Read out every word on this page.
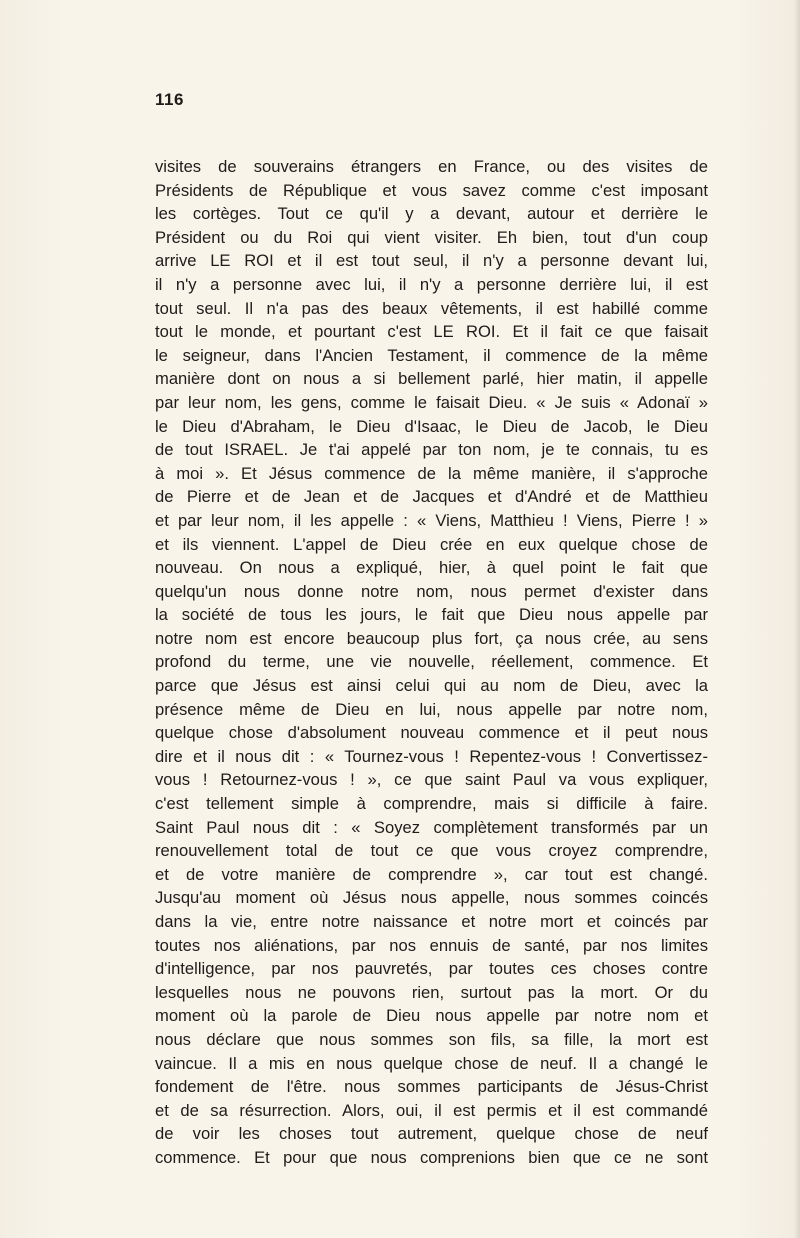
116

visites de souverains étrangers en France, ou des visites de
Présidents de République et vous savez comme c'est imposant
les cortèges. Tout ce qu'il y a devant, autour et derrière le
Président ou du Roi qui vient visiter. Eh bien, tout d'un coup
arrive LE ROI et il est tout seul, il n'y a personne devant lui,
il n'y a personne avec lui, il n'y a personne derrière lui, il est
tout seul. Il n'a pas des beaux vêtements, il est habillé comme
tout le monde, et pourtant c'est LE ROI. Et il fait ce que faisait
le seigneur, dans l'Ancien Testament, il commence de la même
manière dont on nous a si bellement parlé, hier matin, il appelle
par leur nom, les gens, comme le faisait Dieu. « Je suis « Adonaï »
le Dieu d'Abraham, le Dieu d'Isaac, le Dieu de Jacob, le Dieu
de tout ISRAEL. Je t'ai appelé par ton nom, je te connais, tu es
à moi ». Et Jésus commence de la même manière, il s'approche
de Pierre et de Jean et de Jacques et d'André et de Matthieu
et par leur nom, il les appelle : « Viens, Matthieu ! Viens, Pierre ! »
et ils viennent. L'appel de Dieu crée en eux quelque chose de
nouveau. On nous a expliqué, hier, à quel point le fait que
quelqu'un nous donne notre nom, nous permet d'exister dans
la société de tous les jours, le fait que Dieu nous appelle par
notre nom est encore beaucoup plus fort, ça nous crée, au sens
profond du terme, une vie nouvelle, réellement, commence. Et
parce que Jésus est ainsi celui qui au nom de Dieu, avec la
présence même de Dieu en lui, nous appelle par notre nom,
quelque chose d'absolument nouveau commence et il peut nous
dire et il nous dit : « Tournez-vous ! Repentez-vous ! Convertissez-
vous ! Retournez-vous ! », ce que saint Paul va vous expliquer,
c'est tellement simple à comprendre, mais si difficile à faire.
Saint Paul nous dit : « Soyez complètement transformés par un
renouvellement total de tout ce que vous croyez comprendre,
et de votre manière de comprendre », car tout est changé.
Jusqu'au moment où Jésus nous appelle, nous sommes coincés
dans la vie, entre notre naissance et notre mort et coincés par
toutes nos aliénations, par nos ennuis de santé, par nos limites
d'intelligence, par nos pauvretés, par toutes ces choses contre
lesquelles nous ne pouvons rien, surtout pas la mort. Or du
moment où la parole de Dieu nous appelle par notre nom et
nous déclare que nous sommes son fils, sa fille, la mort est
vaincue. Il a mis en nous quelque chose de neuf. Il a changé le
fondement de l'être. nous sommes participants de Jésus-Christ
et de sa résurrection. Alors, oui, il est permis et il est commandé
de voir les choses tout autrement, quelque chose de neuf
commence. Et pour que nous comprenions bien que ce ne sont
